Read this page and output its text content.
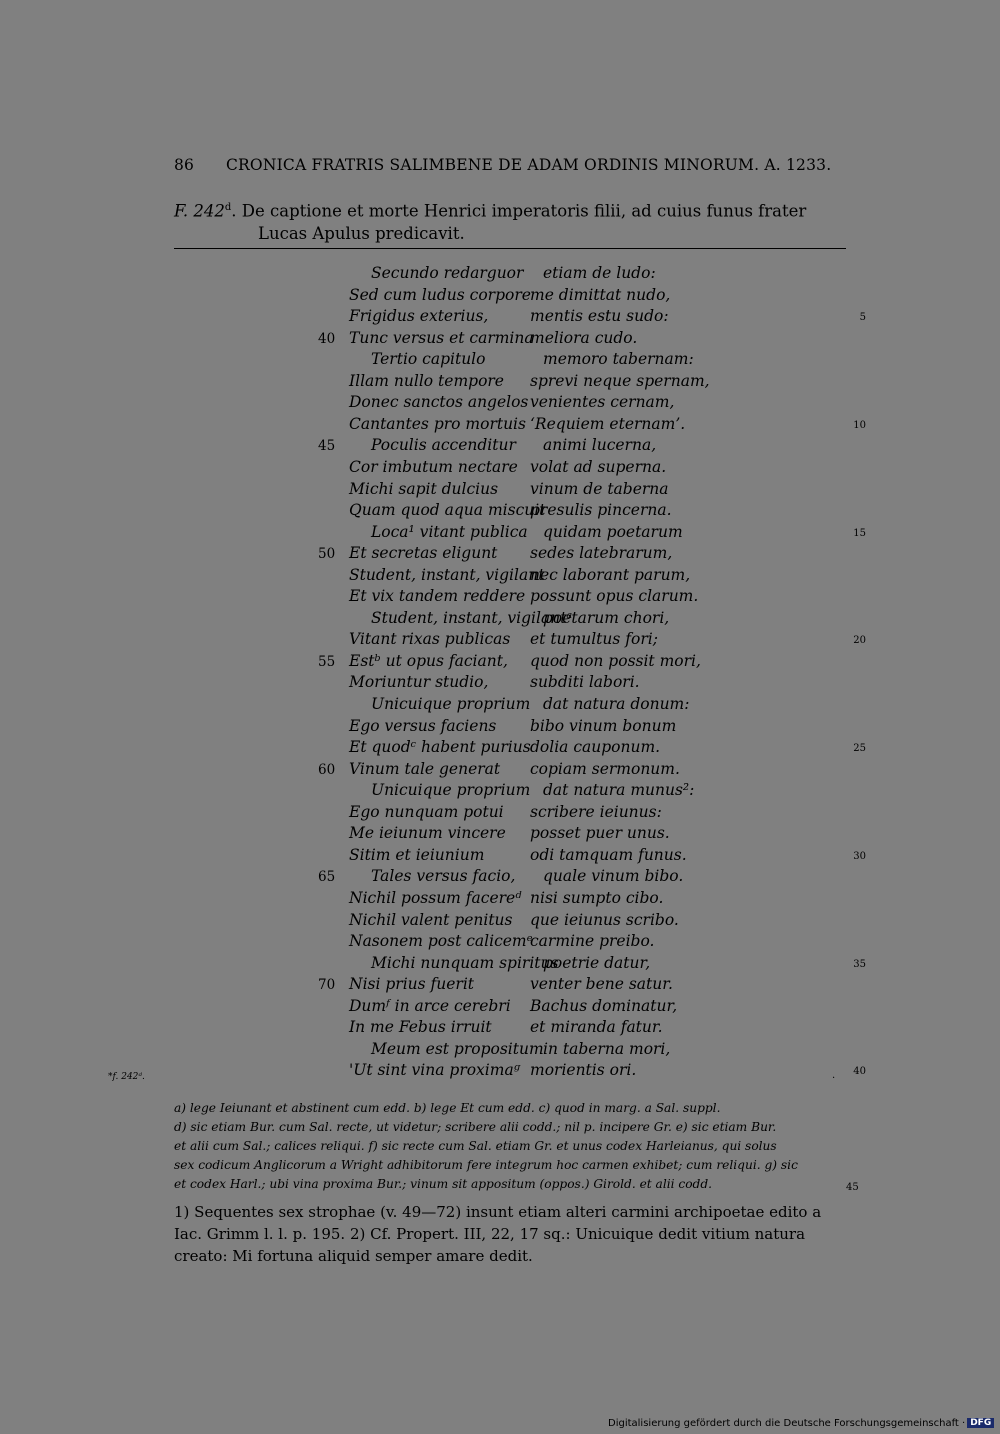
86 CRONICA FRATRIS SALIMBENE DE ADAM ORDINIS MINORUM. A. 1233.
F. 242$^d$. De captione et morte Henrici imperatoris filii, ad cuius funus frater
Lucas Apulus predicavit.
Secundo redarguor etiam de ludo:
Sed cum ludus corpore me dimittat nudo,
Frigidus exterius,	mentis estu sudo:	5
40 Tunc versus et carmina
meliora cudo.
Tertio capitulo	memoro tabernam:
Illam nullo tempore sprevi neque spernam,
Donec sanctos angelos venientes cernam,
Cantantes pro mortuis ‘Requiem eternam’.	10
45 Poculis accenditur animi lucerna,
Cor imbutum nectare volat ad superna.
Michi sapit dulcius vinum de taberna
Quam quod aqua miscuit
presulis pincerna.
Loca¹ vitant publica quidam poetarum	15
50 Et secretas eligunt sedes latebrarum,
Student, instant, vigilant
nec laborant parum,
Et vix tandem reddere possunt opus clarum.
Student, instant, vigilantᵃ
poetarum chori,
Vitant rixas publicas et tumultus fori;	20
55 Estᵇ ut opus faciant, quod non possit mori,
Moriuntur studio,	subditi labori.
Unicuique proprium dat natura donum:
Ego versus faciens bibo vinum bonum
Et quodᶜ habent purius dolia cauponum.	25
60 Vinum tale generat copiam sermonum.
Unicuique proprium dat natura munus²:
Ego nunquam potui scribere ieiunus:
Me ieiunum vincere posset puer unus.
Sitim et ieiunium	odi tamquam funus.	30
65 Tales versus facio, quale vinum bibo.
Nichil possum facereᵈ nisi sumpto cibo.
Nichil valent penitus que ieiunus scribo.
Nasonem post calicemᵉ
carmine preibo.
Michi nunquam spiritus
poetrie datur,	35
70 Nisi prius fuerit	venter bene satur.
Dumᶠ in arce cerebri Bachus dominatur,
In me Febus irruit et miranda fatur.
Meum est propositum in taberna mori,
'Ut sint vina proximaᵍ morientis ori.	40
*f. 242ᵈ.	.
a) lege Ieiunant et abstinent cum edd. b) lege Et cum edd. c) quod in marg. a Sal. suppl.
d) sic etiam Bur. cum Sal. recte, ut videtur; scribere alii codd.; nil p. incipere Gr. e) sic etiam Bur.
et alii cum Sal.; calices reliqui. f) sic recte cum Sal. etiam Gr. et unus codex Harleianus, qui solus
sex codicum Anglicorum a Wright adhibitorum fere integrum hoc carmen exhibet; cum reliqui. g) sic
et codex Harl.; ubi vina proxima Bur.; vinum sit appositum (oppos.) Girold. et alii codd.	45
1) Sequentes sex strophae (v. 49—72) insunt etiam alteri carmini archipoetae edito a
Iac. Grimm l. l. p. 195. 2) Cf. Propert. III, 22, 17 sq.: Unicuique dedit vitium natura
creato: Mi fortuna aliquid semper amare dedit.
Digitalisierung gefördert durch die Deutsche Forschungsgemeinschaft · DFG
